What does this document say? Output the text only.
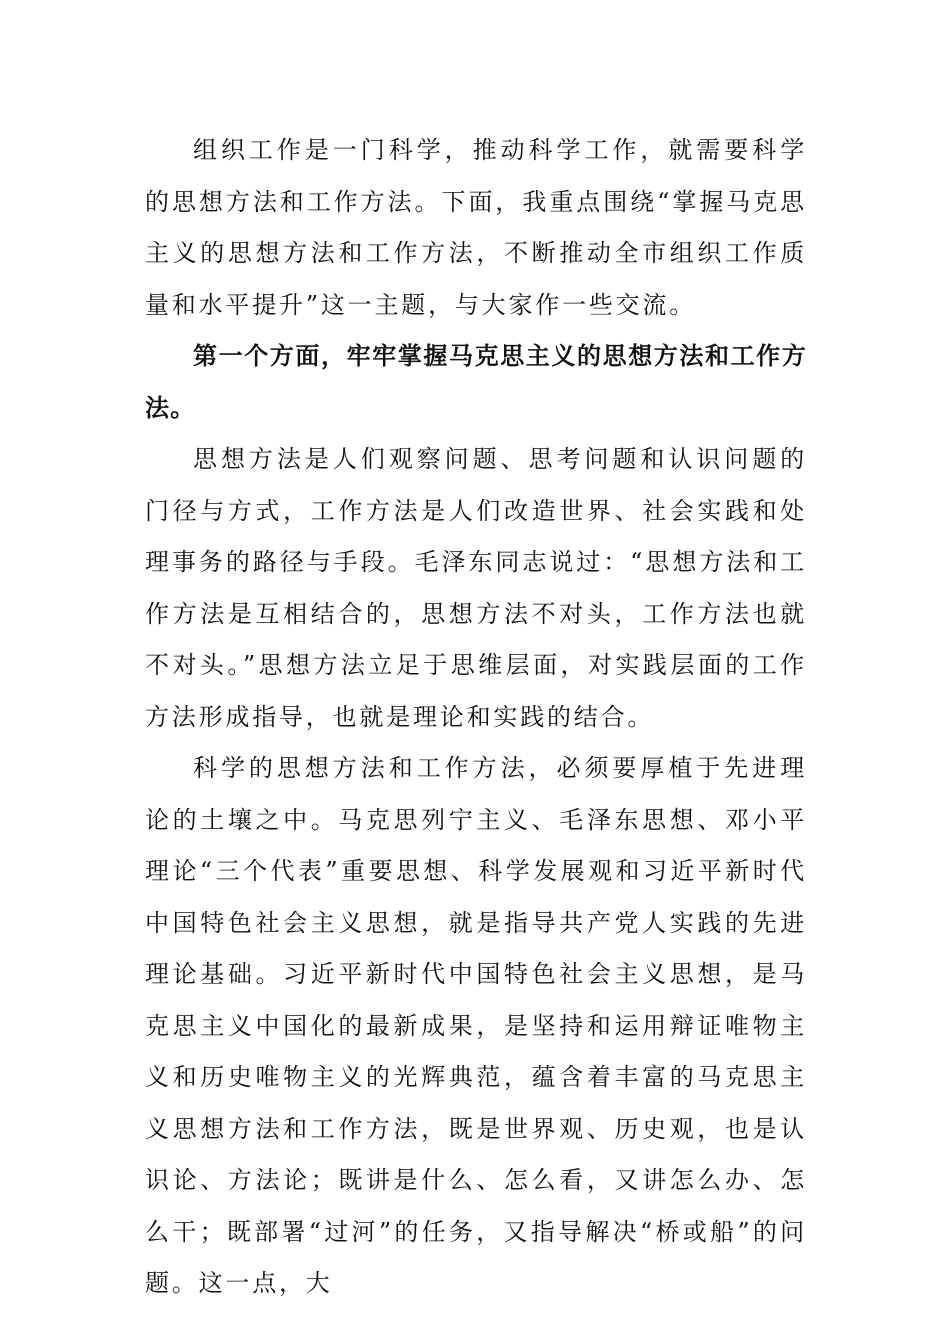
组织工作是一门科学，推动科学工作，就需要科学的思想方法和工作方法。下面，我重点围绕“掌握马克思主义的思想方法和工作方法，不断推动全市组织工作质量和水平提升”这一主题，与大家作一些交流。

第一个方面，牢牢掌握马克思主义的思想方法和工作方法。

思想方法是人们观察问题、思考问题和认识问题的门径与方式，工作方法是人们改造世界、社会实践和处理事务的路径与手段。毛泽东同志说过：“思想方法和工作方法是互相结合的，思想方法不对头，工作方法也就不对头。”思想方法立足于思维层面，对实践层面的工作方法形成指导，也就是理论和实践的结合。

科学的思想方法和工作方法，必须要厚植于先进理论的土壤之中。马克思列宁主义、毛泽东思想、邓小平理论“三个代表”重要思想、科学发展观和习近平新时代中国特色社会主义思想，就是指导共产党人实践的先进理论基础。习近平新时代中国特色社会主义思想，是马克思主义中国化的最新成果，是坚持和运用辩证唯物主义和历史唯物主义的光辉典范，蕴含着丰富的马克思主义思想方法和工作方法，既是世界观、历史观，也是认识论、方法论；既讲是什么、怎么看，又讲怎么办、怎么干；既部署“过河”的任务，又指导解决“桥或船”的问题。这一点，大
